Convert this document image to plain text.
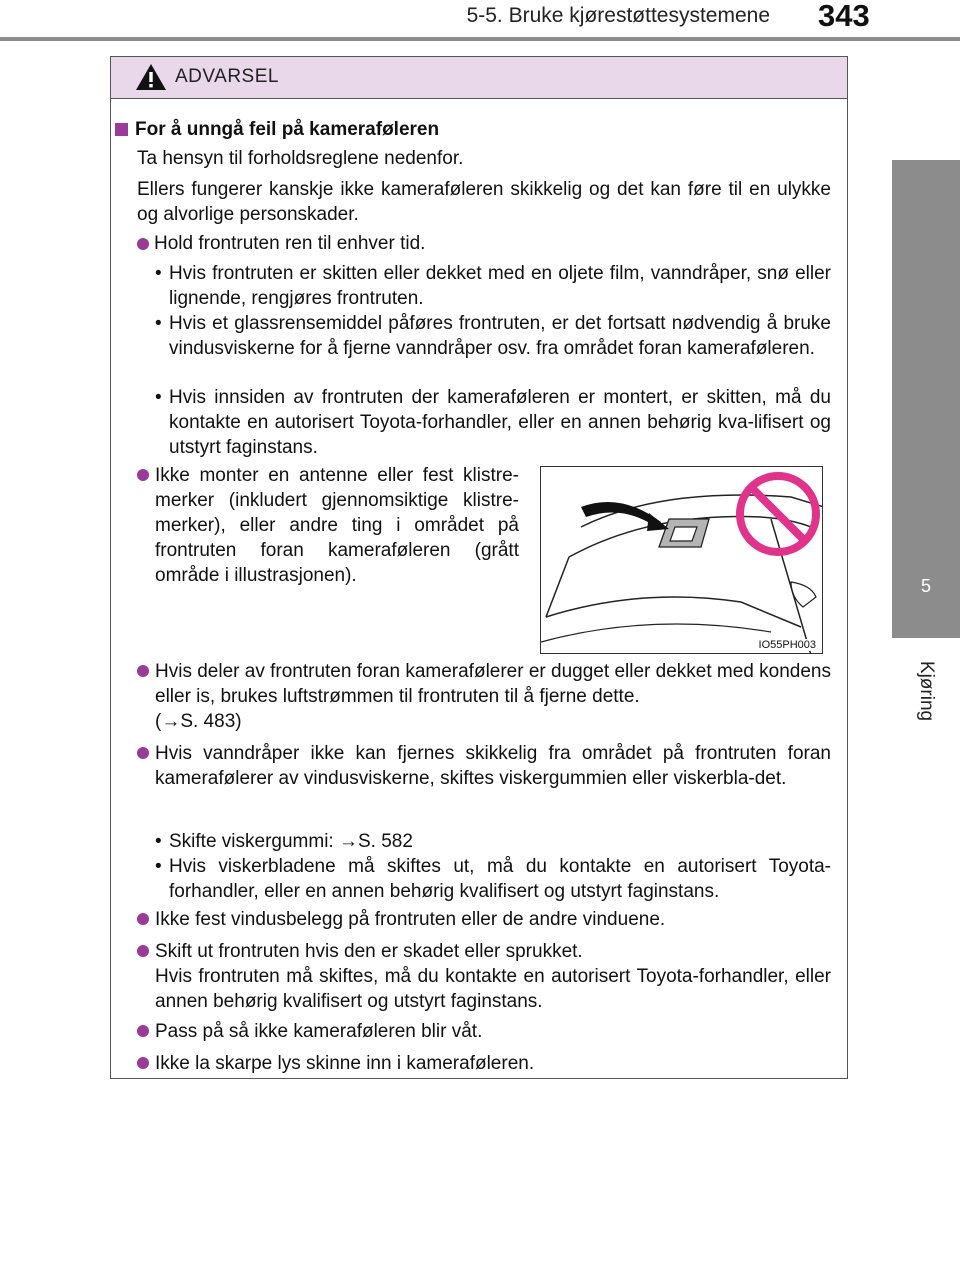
5-5. Bruke kjørestøttesystemene 343
5
Kjøring
ADVARSEL
For å unngå feil på kameraføleren
Ta hensyn til forholdsreglene nedenfor.
Ellers fungerer kanskje ikke kameraføleren skikkelig og det kan føre til en ulykke og alvorlige personskader.
Hold frontruten ren til enhver tid.
• Hvis frontruten er skitten eller dekket med en oljete film, vanndråper, snø eller lignende, rengjøres frontruten.
• Hvis et glassrensemiddel påføres frontruten, er det fortsatt nødvendig å bruke vindusviskerne for å fjerne vanndråper osv. fra området foran kameraføleren.
• Hvis innsiden av frontruten der kameraføleren er montert, er skitten, må du kontakte en autorisert Toyota-forhandler, eller en annen behørig kva-lifisert og utstyrt faginstans.
Ikke monter en antenne eller fest klistre-merker (inkludert gjennomsiktige klistre-merker), eller andre ting i området på frontruten foran kameraføleren (grått område i illustrasjonen).
Hvis deler av frontruten foran kamerafølerer er dugget eller dekket med kondens eller is, brukes luftstrømmen til frontruten til å fjerne dette.
(→S. 483)
Hvis vanndråper ikke kan fjernes skikkelig fra området på frontruten foran kamerafølerer av vindusviskerne, skiftes viskergummien eller viskerbla-det.
• Skifte viskergummi: →S. 582
• Hvis viskerbladene må skiftes ut, må du kontakte en autorisert Toyota-forhandler, eller en annen behørig kvalifisert og utstyrt faginstans.
Ikke fest vindusbelegg på frontruten eller de andre vinduene.
Skift ut frontruten hvis den er skadet eller sprukket.
Hvis frontruten må skiftes, må du kontakte en autorisert Toyota-forhandler, eller annen behørig kvalifisert og utstyrt faginstans.
Pass på så ikke kameraføleren blir våt.
Ikke la skarpe lys skinne inn i kameraføleren.
IO55PH003
